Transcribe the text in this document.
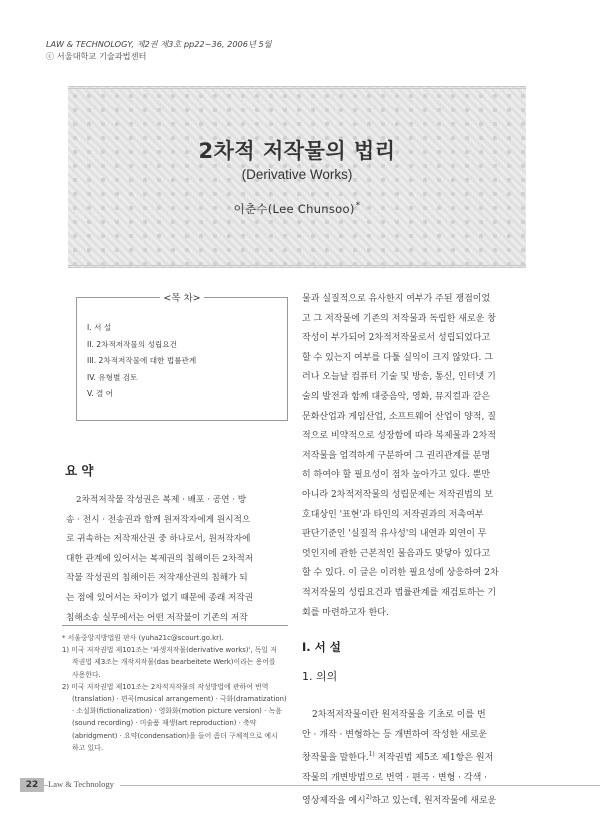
LAW & TECHNOLOGY, 제2권 제3호 pp22~36, 2006년 5월
ⓒ 서울대학교 기술과법센터
2차적 저작물의 법리
(Derivative Works)
이춘수(Lee Chunsoo)*
<목 차>
I. 서 설
II. 2차적저작물의 성립요건
III. 2차적저작물에 대한 법률관계
IV. 유형별 검토
V. 결 어
요 약
2차적저작물 작성권은 복제 · 배포 · 공연 · 방
송 · 전시 · 전송권과 함께 원저작자에게 원시적으
로 귀속하는 저작재산권 중 하나로서, 원저작자에
대한 관계에 있어서는 복제권의 침해이든 2차적저
작물 작성권의 침해이든 저작재산권의 침해가 되
는 점에 있어서는 차이가 없기 때문에 종래 저작권
침해소송 실무에서는 어떤 저작물이 기존의 저작
* 서울중앙지방법원 판사 (yuha21c@scourt.go.kr).
1) 미국 저작권법 제101조는 '파생저작물(derivative works)', 독일 저
작권법 제3조는 개작저작물(das bearbeitete Werk)이라는 용어를
사용한다.
2) 미국 저작권법 제101조는 2차적저작물의 작성방법에 관하여 번역
(translation) · 편곡(musical arrangement) · 극화(dramatization)
· 소설화(fictionalization) · 영화화(motion picture version) · 녹음
(sound recording) · 미술품 재생(art reproduction) · 축약
(abridgment) · 요약(condensation)을 들어 좀더 구체적으로 예시
하고 있다.
물과 실질적으로 유사한지 여부가 주된 쟁점이었
고 그 저작물에 기존의 저작물과 독립한 새로운 창
작성이 부가되어 2차적저작물로서 성립되었다고
할 수 있는지 여부를 다툴 실익이 크지 않았다. 그
러나 오늘날 컴퓨터 기술 및 방송, 통신, 인터넷 기
술의 발전과 함께 대중음악, 영화, 뮤지컬과 같은
문화산업과 게임산업, 소프트웨어 산업이 양적, 질
적으로 비약적으로 성장함에 따라 복제물과 2차적
저작물을 엄격하게 구분하여 그 권리관계를 분명
히 하여야 할 필요성이 점차 높아가고 있다. 뿐만
아니라 2차적저작물의 성립문제는 저작권법의 보
호대상인 '표현'과 타인의 저작권과의 저촉여부
판단기준인 '실질적 유사성'의 내연과 외연이 무
엇인지에 관한 근본적인 물음과도 맞닿아 있다고
할 수 있다. 이 글은 이러한 필요성에 상응하여 2차
적저작물의 성립요건과 법률관계를 재검토하는 기
회를 마련하고자 한다.
I. 서 설
1. 의의
2차적저작물이란 원저작물을 기초로 이를 번
안 · 개작 · 변형하는 등 개변하여 작성한 새로운
창작물을 말한다.$^{1)}$ 저작권법 제5조 제1항은 원저
작물의 개변방법으로 번역 · 편곡 · 변형 · 각색 ·
영상제작을 예시$^{2)}$하고 있는데, 원저작물에 새로운
22	Law & Technology
